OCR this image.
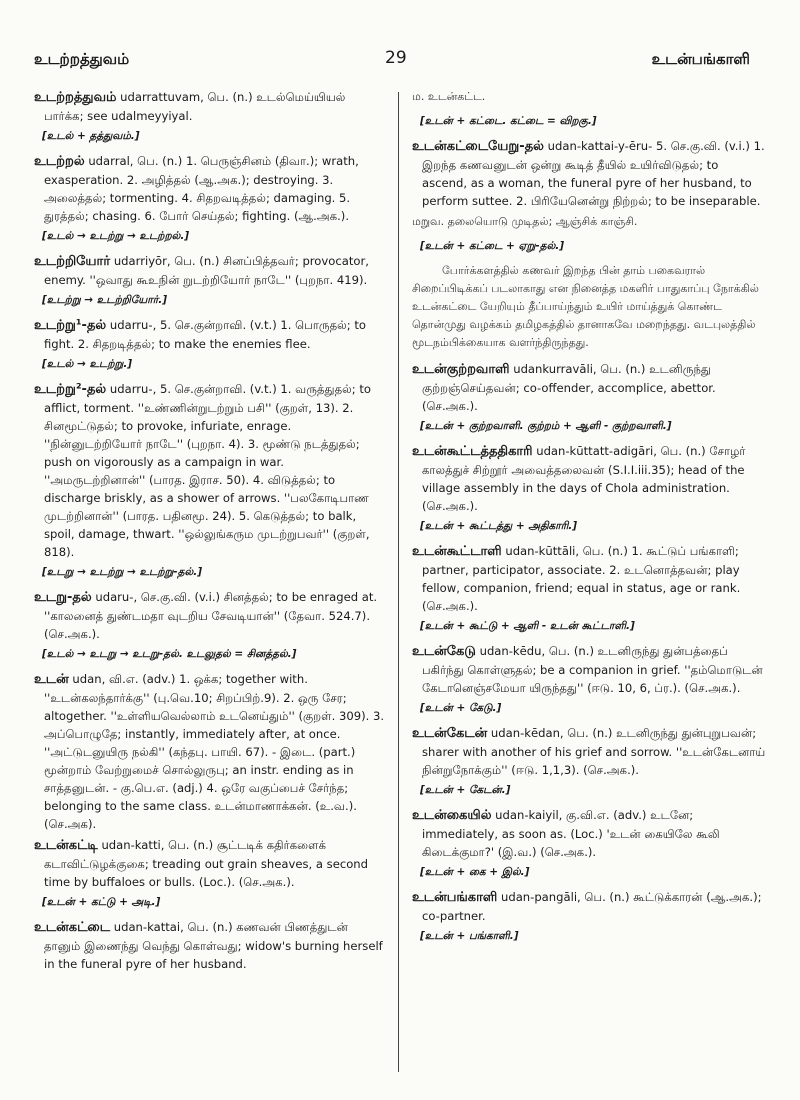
உடற்றத்துவம்	29	உடன்பங்காளி
உடற்றத்துவம் udarrattuvam, பெ. (n.) உடல்மெய்யியல் பார்க்க; see udalmeyyiyal.
[உடல் + தத்துவம்.]
உடற்றல் udarral, பெ. (n.) 1. பெருஞ்சினம் (திவா.); wrath, exasperation. 2. அழித்தல் (ஆ.அக.); destroying. 3. அலைத்தல்; tormenting. 4. சிதறவடித்தல்; damaging. 5. துரத்தல்; chasing. 6. போர் செய்தல்; fighting. (ஆ.அக.).
[உடல் → உடற்று → உடற்றல்.]
உடற்றியோர் udarriyōr, பெ. (n.) சினப்பித்தவர்; provocator, enemy. ''ஒவாது கூஉநின் றுடற்றியோர் நாடே'' (புறநா. 419).
[உடற்று → உடற்றியோர்.]
உடற்று¹-தல் udarru-, 5. செ.குன்றாவி. (v.t.) 1. பொருதல்; to fight. 2. சிதறடித்தல்; to make the enemies flee.
[உடல் → உடற்று.]
உடற்று²-தல் udarru-, 5. செ.குன்றாவி. (v.t.) 1. வருத்துதல்; to afflict, torment. ''உண்ணின்றுடற்றும் பசி'' (குறள், 13). 2. சினமூட்டுதல்; to provoke, infuriate, enrage. ''நின்னுடற்றியோர் நாடே'' (புறநா. 4). 3. மூண்டு நடத்துதல்; push on vigorously as a campaign in war. ''அமருடற்றினான்'' (பாரத. இராச. 50). 4. விடுத்தல்; to discharge briskly, as a shower of arrows. ''பலகோடிபாண முடற்றினான்'' (பாரத. பதினமூ. 24). 5. கெடுத்தல்; to balk, spoil, damage, thwart. ''ஒல்லுங்கரும முடற்றுபவர்'' (குறள், 818).
[உடறு → உடற்று → உடற்று-தல்.]
உடறு-தல் udaru-, செ.கு.வி. (v.i.) சினத்தல்; to be enraged at. ''காலனைத் துண்டமதா வுடறிய சேவடியான்'' (தேவா. 524.7). (செ.அக.).
[உடல் → உடறு → உடறு-தல். உடலுதல் = சினத்தல்.]
உடன் udan, வி.எ. (adv.) 1. ஒக்க; together with. ''உடன்கலந்தார்க்கு'' (பு.வெ.10; சிறப்பிற்.9). 2. ஒரு சேர; altogether. ''உள்ளியவெல்லாம் உடனெய்தும்'' (குறள். 309). 3. அப்பொழுதே; instantly, immediately after, at once. ''அட்டுடனுயிரு நல்கி'' (கந்தபு. பாயி. 67). - இடை. (part.) மூன்றாம் வேற்றுமைச் சொல்லுருபு; an instr. ending as in சாத்தனுடன். - கு.பெ.எ. (adj.) 4. ஒரே வகுப்பைச் சேர்ந்த; belonging to the same class. உடன்மாணாக்கன். (உ.வ.). (செ.அக).
உடன்கட்டி udan-katti, பெ. (n.) சூட்டடிக் கதிர்களைக் கடாவிட்டுழக்குகை; treading out grain sheaves, a second time by buffaloes or bulls. (Loc.). (செ.அக.).
[உடன் + கட்டு + அடி.]
உடன்கட்டை udan-kattai, பெ. (n.) கணவன் பிணத்துடன் தானும் இணைந்து வெந்து கொள்வது; widow's burning herself in the funeral pyre of her husband.
ம. உடன்கட்ட.
[உடன் + கட்டை. கட்டை = விறகு.]
உடன்கட்டையேறு-தல் udan-kattai-y-ēru- 5. செ.கு.வி. (v.i.) 1. இறந்த கணவனுடன் ஒன்று கூடித் தீயில் உயிர்விடுதல்; to ascend, as a woman, the funeral pyre of her husband, to perform suttee. 2. பிரியேனென்று நிற்றல்; to be inseparable.
மறுவ. தலையொடு முடிதல்; ஆஞ்சிக் காஞ்சி.
[உடன் + கட்டை + ஏறு-தல்.]
போர்க்களத்தில் கணவர் இறந்த பின் தாம் பகைவரால் சிறைப்பிடிக்கப் படலாகாது என நினைத்த மகளிர் பாதுகாப்பு நோக்கில் உடன்கட்டை யேறியும் தீப்பாய்ந்தும் உயிர் மாய்த்துக் கொண்ட தொன்முது வழக்கம் தமிழகத்தில் தானாகவே மறைந்தது. வடபுலத்தில் மூடநம்பிக்கையாக வளர்ந்திருந்தது.
உடன்குற்றவாளி udankurravāli, பெ. (n.) உடனிருந்து குற்றஞ்செய்தவன்; co-offender, accomplice, abettor. (செ.அக.).
[உடன் + குற்றவாளி. குற்றம் + ஆளி - குற்றவாளி.]
உடன்கூட்டத்ததிகாரி udan-kūttatt-adigāri, பெ. (n.) சோழர் காலத்துச் சிற்றூர் அவைத்தலைவன் (S.I.I.iii.35); head of the village assembly in the days of Chola administration. (செ.அக.).
[உடன் + கூட்டத்து + அதிகாரி.]
உடன்கூட்டாளி udan-kūttāli, பெ. (n.) 1. கூட்டுப் பங்காளி; partner, participator, associate. 2. உடனொத்தவன்; play fellow, companion, friend; equal in status, age or rank. (செ.அக.).
[உடன் + கூட்டு + ஆளி - உடன் கூட்டாளி.]
உடன்கேடு udan-kēdu, பெ. (n.) உடனிருந்து துன்பத்தைப் பகிர்ந்து கொள்ளுதல்; be a companion in grief. ''தம்மொடுடன் கேடானெஞ்சமேயா யிருந்தது'' (ஈடு. 10, 6, ப்ர.). (செ.அக.).
[உடன் + கேடு.]
உடன்கேடன் udan-kēdan, பெ. (n.) உடனிருந்து துன்புறுபவன்; sharer with another of his grief and sorrow. ''உடன்கேடனாய் நின்றுநோக்கும்'' (ஈடு. 1,1,3). (செ.அக.).
[உடன் + கேடன்.]
உடன்கையில் udan-kaiyil, கு.வி.எ. (adv.) உடனே; immediately, as soon as. (Loc.) 'உடன் கையிலே கூலி கிடைக்குமா?' (இ.வ.) (செ.அக.).
[உடன் + கை + இல்.]
உடன்பங்காளி udan-pangāli, பெ. (n.) கூட்டுக்காரன் (ஆ.அக.); co-partner.
[உடன் + பங்காளி.]
